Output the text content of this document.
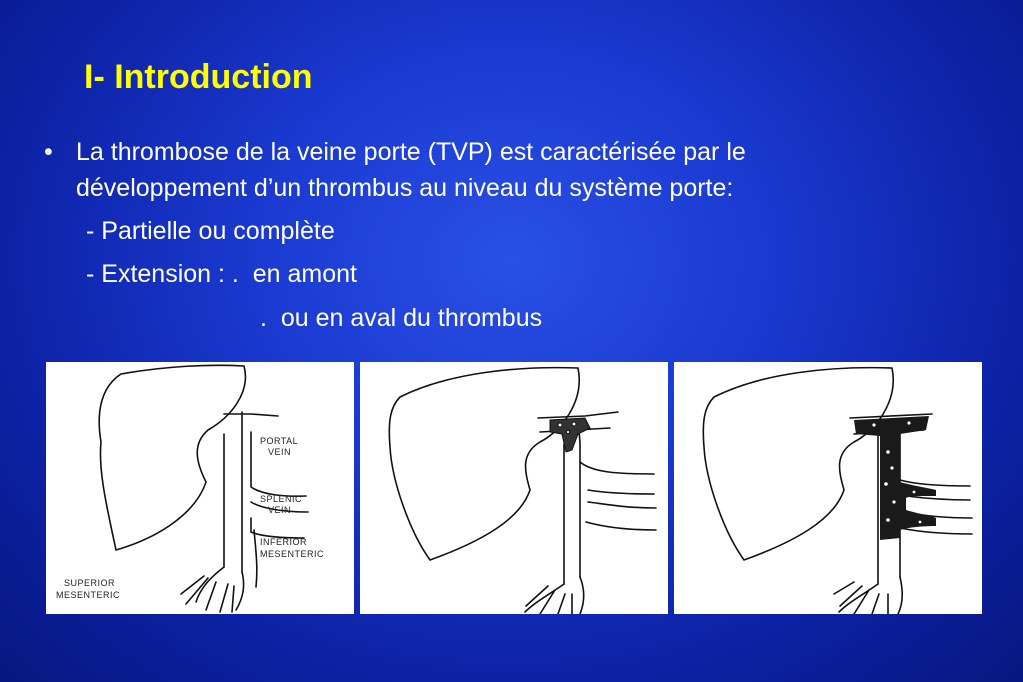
I- Introduction
• La thrombose de la veine porte (TVP) est caractérisée par le
développement d’un thrombus au niveau du système porte:
- Partielle ou complète
- Extension : .  en amont
.  ou en aval du thrombus
PORTAL
VEIN
SPLENIC
VEIN
INFERIOR
MESENTERIC
SUPERIOR
MESENTERIC
